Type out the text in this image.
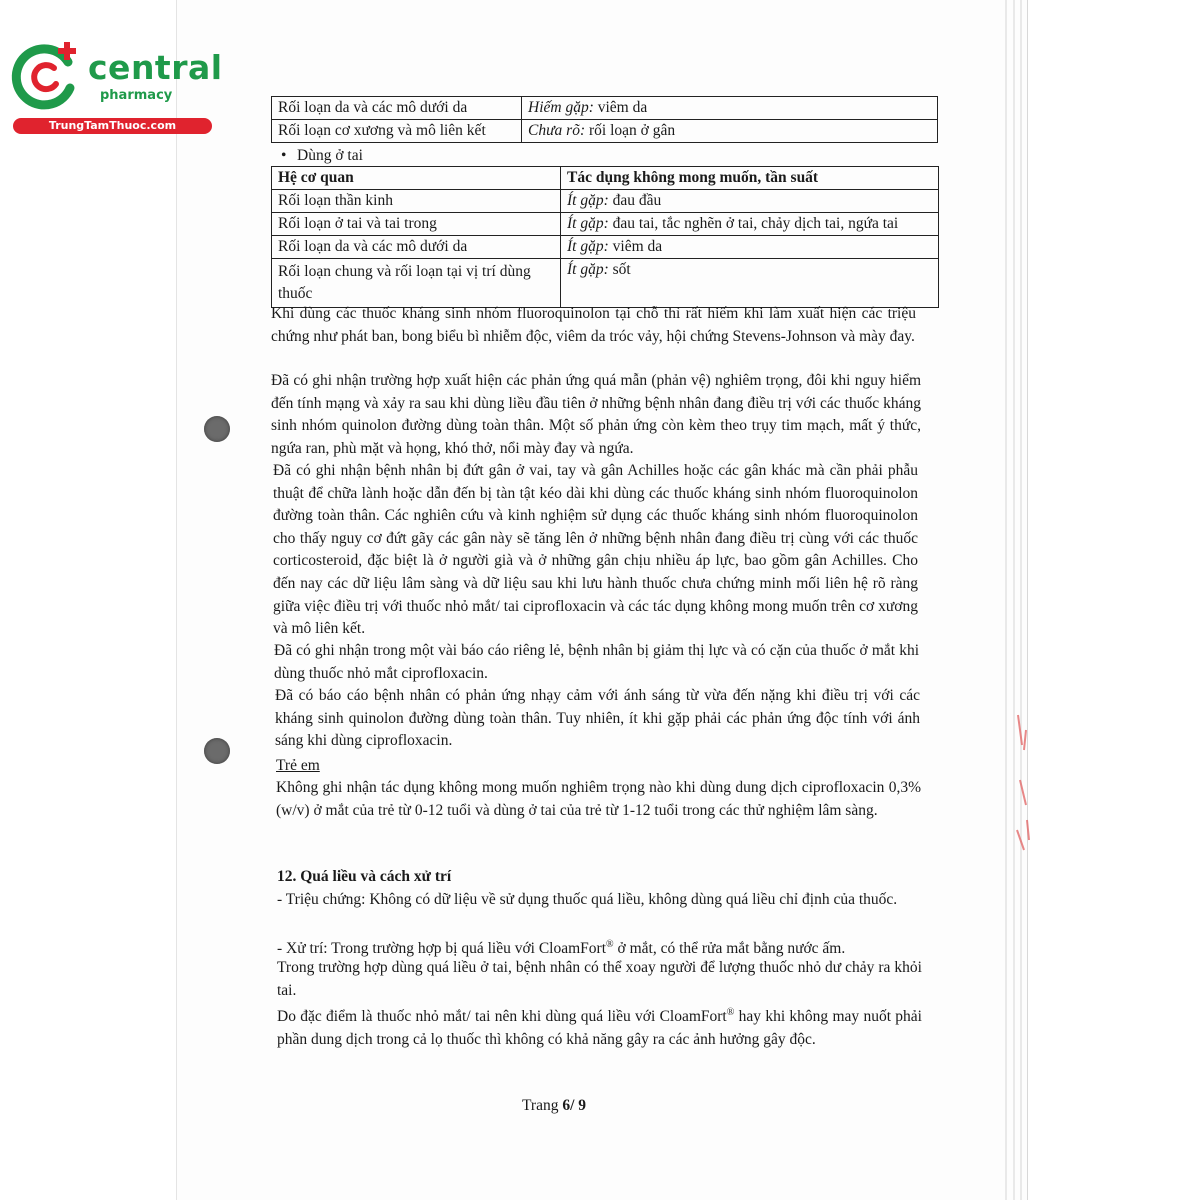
central
pharmacy
TrungTamThuoc.com
Rối loạn da và các mô dưới da	Hiếm gặp: viêm da
Rối loạn cơ xương và mô liên kết	Chưa rõ: rối loạn ở gân
• Dùng ở tai
Hệ cơ quan	Tác dụng không mong muốn, tần suất
Rối loạn thần kinh	Ít gặp: đau đầu
Rối loạn ở tai và tai trong	Ít gặp: đau tai, tắc nghẽn ở tai, chảy dịch tai, ngứa tai
Rối loạn da và các mô dưới da	Ít gặp: viêm da
Rối loạn chung và rối loạn tại vị trí dùng thuốc	Ít gặp: sốt
Khi dùng các thuốc kháng sinh nhóm fluoroquinolon tại chỗ thì rất hiếm khi làm xuất hiện các triệu chứng như phát ban, bong biểu bì nhiễm độc, viêm da tróc vảy, hội chứng Stevens-Johnson và mày đay.
Đã có ghi nhận trường hợp xuất hiện các phản ứng quá mẫn (phản vệ) nghiêm trọng, đôi khi nguy hiểm đến tính mạng và xảy ra sau khi dùng liều đầu tiên ở những bệnh nhân đang điều trị với các thuốc kháng sinh nhóm quinolon đường dùng toàn thân. Một số phản ứng còn kèm theo trụy tim mạch, mất ý thức, ngứa ran, phù mặt và họng, khó thở, nổi mày đay và ngứa.
Đã có ghi nhận bệnh nhân bị đứt gân ở vai, tay và gân Achilles hoặc các gân khác mà cần phải phẫu thuật để chữa lành hoặc dẫn đến bị tàn tật kéo dài khi dùng các thuốc kháng sinh nhóm fluoroquinolon đường toàn thân. Các nghiên cứu và kinh nghiệm sử dụng các thuốc kháng sinh nhóm fluoroquinolon cho thấy nguy cơ đứt gãy các gân này sẽ tăng lên ở những bệnh nhân đang điều trị cùng với các thuốc corticosteroid, đặc biệt là ở người già và ở những gân chịu nhiều áp lực, bao gồm gân Achilles. Cho đến nay các dữ liệu lâm sàng và dữ liệu sau khi lưu hành thuốc chưa chứng minh mối liên hệ rõ ràng giữa việc điều trị với thuốc nhỏ mắt/ tai ciprofloxacin và các tác dụng không mong muốn trên cơ xương và mô liên kết.
Đã có ghi nhận trong một vài báo cáo riêng lẻ, bệnh nhân bị giảm thị lực và có cặn của thuốc ở mắt khi dùng thuốc nhỏ mắt ciprofloxacin.
Đã có báo cáo bệnh nhân có phản ứng nhạy cảm với ánh sáng từ vừa đến nặng khi điều trị với các kháng sinh quinolon đường dùng toàn thân. Tuy nhiên, ít khi gặp phải các phản ứng độc tính với ánh sáng khi dùng ciprofloxacin.
Trẻ em
Không ghi nhận tác dụng không mong muốn nghiêm trọng nào khi dùng dung dịch ciprofloxacin 0,3% (w/v) ở mắt của trẻ từ 0-12 tuổi và dùng ở tai của trẻ từ 1-12 tuổi trong các thử nghiệm lâm sàng.
12. Quá liều và cách xử trí
- Triệu chứng: Không có dữ liệu về sử dụng thuốc quá liều, không dùng quá liều chỉ định của thuốc.
- Xử trí: Trong trường hợp bị quá liều với CloamFort® ở mắt, có thể rửa mắt bằng nước ấm.
Trong trường hợp dùng quá liều ở tai, bệnh nhân có thể xoay người để lượng thuốc nhỏ dư chảy ra khỏi tai.
Do đặc điểm là thuốc nhỏ mắt/ tai nên khi dùng quá liều với CloamFort® hay khi không may nuốt phải phần dung dịch trong cả lọ thuốc thì không có khả năng gây ra các ảnh hưởng gây độc.
Trang 6/ 9
